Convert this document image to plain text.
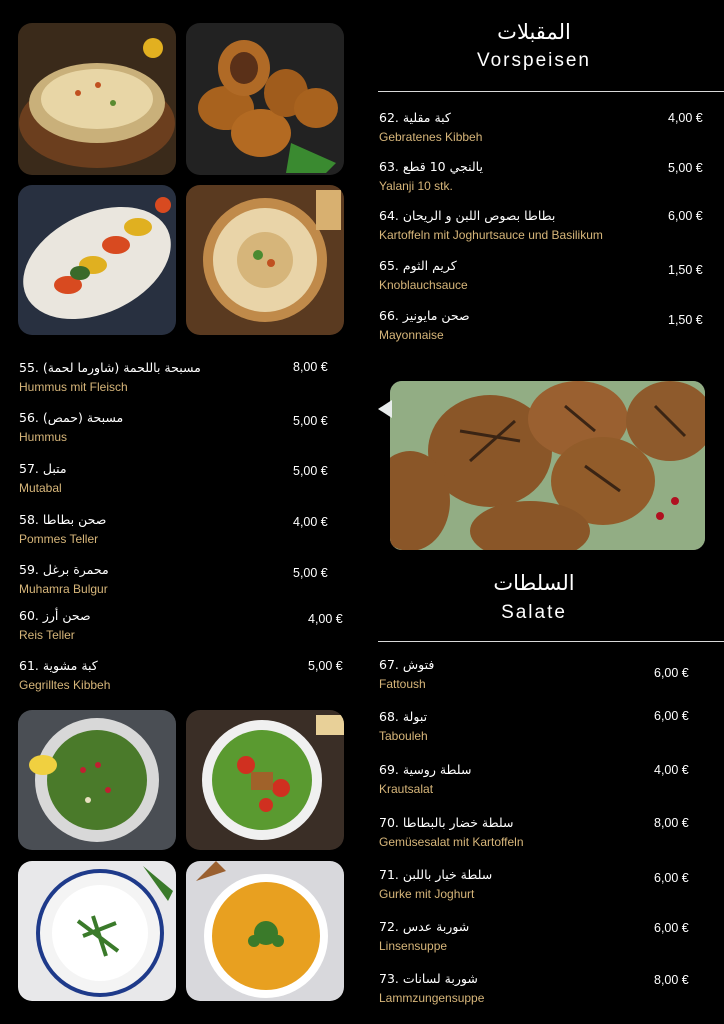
55. مسبحة باللحمة (شاورما لحمة)
Hummus mit Fleisch
8,00 €
56. مسبحة (حمص)
Hummus
5,00 €
57. متبل
Mutabal
5,00 €
58. صحن بطاطا
Pommes Teller
4,00 €
59. محمرة برغل
Muhamra Bulgur
5,00 €
60. صحن أرز
Reis Teller
4,00 €
61. كبة مشوية
Gegrilltes Kibbeh
5,00 €
المقبلات
Vorspeisen
62. كبة مقلية
Gebratenes Kibbeh
4,00 €
63. يالنجي 10 قطع
Yalanji 10 stk.
5,00 €
64. بطاطا بصوص اللبن و الريحان
Kartoffeln mit Joghurtsauce und Basilikum
6,00 €
65. كريم الثوم
Knoblauchsauce
1,50 €
66. صحن مايونيز
Mayonnaise
1,50 €
السلطات
Salate
67. فتوش
Fattoush
6,00 €
68. تبولة
Tabouleh
6,00 €
69. سلطة روسية
Krautsalat
4,00 €
70. سلطة خضار بالبطاطا
Gemüsesalat mit Kartoffeln
8,00 €
71. سلطة خيار باللبن
Gurke mit Joghurt
6,00 €
72. شوربة عدس
Linsensuppe
6,00 €
73. شوربة لسانات
Lammzungensuppe
8,00 €
